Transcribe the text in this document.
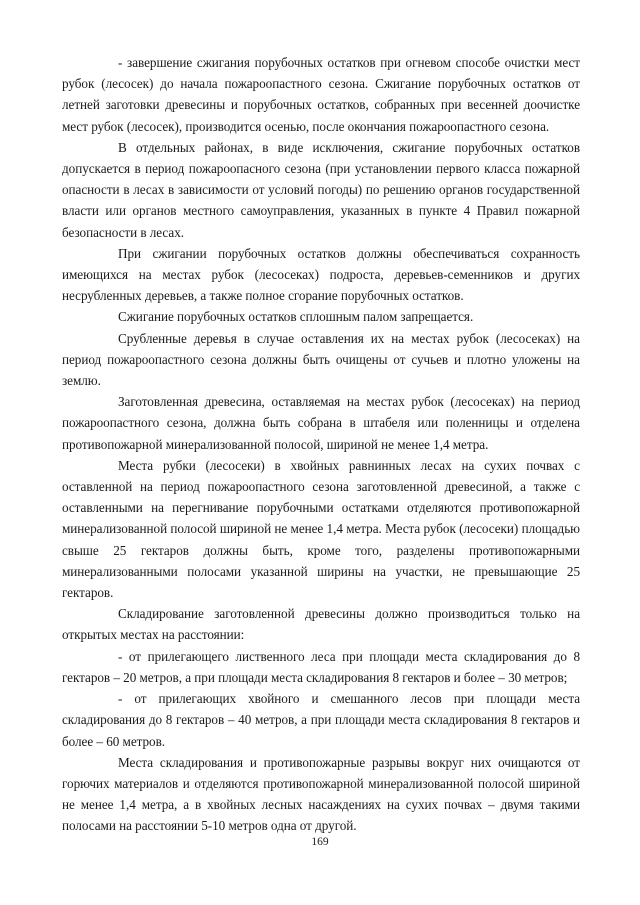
- завершение сжигания порубочных остатков при огневом способе очистки мест рубок (лесосек) до начала пожароопастного сезона. Сжигание порубочных остатков от летней заготовки древесины и порубочных остатков, собранных при весенней доочистке мест рубок (лесосек), производится осенью, после окончания пожароопастного сезона.

В отдельных районах, в виде исключения, сжигание порубочных остатков допускается в период пожароопасного сезона (при установлении первого класса пожарной опасности в лесах в зависимости от условий погоды) по решению органов государственной власти или органов местного самоуправления, указанных в пункте 4 Правил пожарной безопасности в лесах.

При сжигании порубочных остатков должны обеспечиваться сохранность имеющихся на местах рубок (лесосеках) подроста, деревьев-семенников и других несрубленных деревьев, а также полное сгорание порубочных остатков.

Сжигание порубочных остатков сплошным палом запрещается.

Срубленные деревья в случае оставления их на местах рубок (лесосеках) на период пожароопастного сезона должны быть очищены от сучьев и плотно уложены на землю.

Заготовленная древесина, оставляемая на местах рубок (лесосеках) на период пожароопастного сезона, должна быть собрана в штабеля или поленницы и отделена противопожарной минерализованной полосой, шириной не менее 1,4 метра.

Места рубки (лесосеки) в хвойных равнинных лесах на сухих почвах с оставленной на период пожароопастного сезона заготовленной древесиной, а также с оставленными на перегнивание порубочными остатками отделяются противопожарной минерализованной полосой шириной не менее 1,4 метра. Места рубок (лесосеки) площадью свыше 25 гектаров должны быть, кроме того, разделены противопожарными минерализованными полосами указанной ширины на участки, не превышающие 25 гектаров.

Складирование заготовленной древесины должно производиться только на открытых местах на расстоянии:

- от прилегающего лиственного леса при площади места складирования до 8 гектаров – 20 метров, а при площади места складирования 8 гектаров и более – 30 метров;

- от прилегающих хвойного и смешанного лесов при площади места складирования до 8 гектаров – 40 метров, а при площади места складирования 8 гектаров и более – 60 метров.

Места складирования и противопожарные разрывы вокруг них очищаются от горючих материалов и отделяются противопожарной минерализованной полосой шириной не менее 1,4 метра, а в хвойных лесных насаждениях на сухих почвах – двумя такими полосами на расстоянии 5-10 метров одна от другой.

169
